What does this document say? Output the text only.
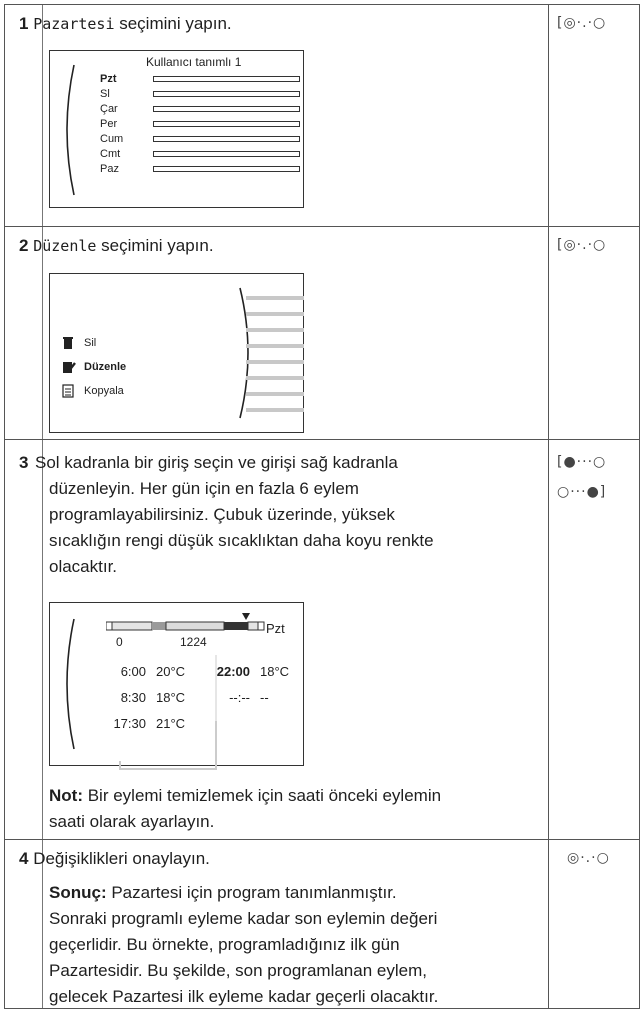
1 Pazartesi seçimini yapın.	[◎·.·○
Kullanıcı tanımlı 1
Pzt
Sl
Çar
Per
Cum
Cmt
Paz
2 Düzenle seçimini yapın.	[◎·.·○
Sil
Düzenle
Kopyala
3 Sol kadranla bir giriş seçin ve girişi sağ kadranla
düzenleyin. Her gün için en fazla 6 eylem
programlayabilirsiniz. Çubuk üzerinde, yüksek
sıcaklığın rengi düşük sıcaklıktan daha koyu renkte
olacaktır.
[●···○
○···●]
Pzt
0	1224
6:00 20°C
8:30 18°C
17:30 21°C
22:00 18°C
--:-- --
Not: Bir eylemi temizlemek için saati önceki eylemin
saati olarak ayarlayın.
4 Değişiklikleri onaylayın.	◎·.·○
Sonuç: Pazartesi için program tanımlanmıştır.
Sonraki programlı eyleme kadar son eylemin değeri
geçerlidir. Bu örnekte, programladığınız ilk gün
Pazartesidir. Bu şekilde, son programlanan eylem,
gelecek Pazartesi ilk eyleme kadar geçerli olacaktır.
